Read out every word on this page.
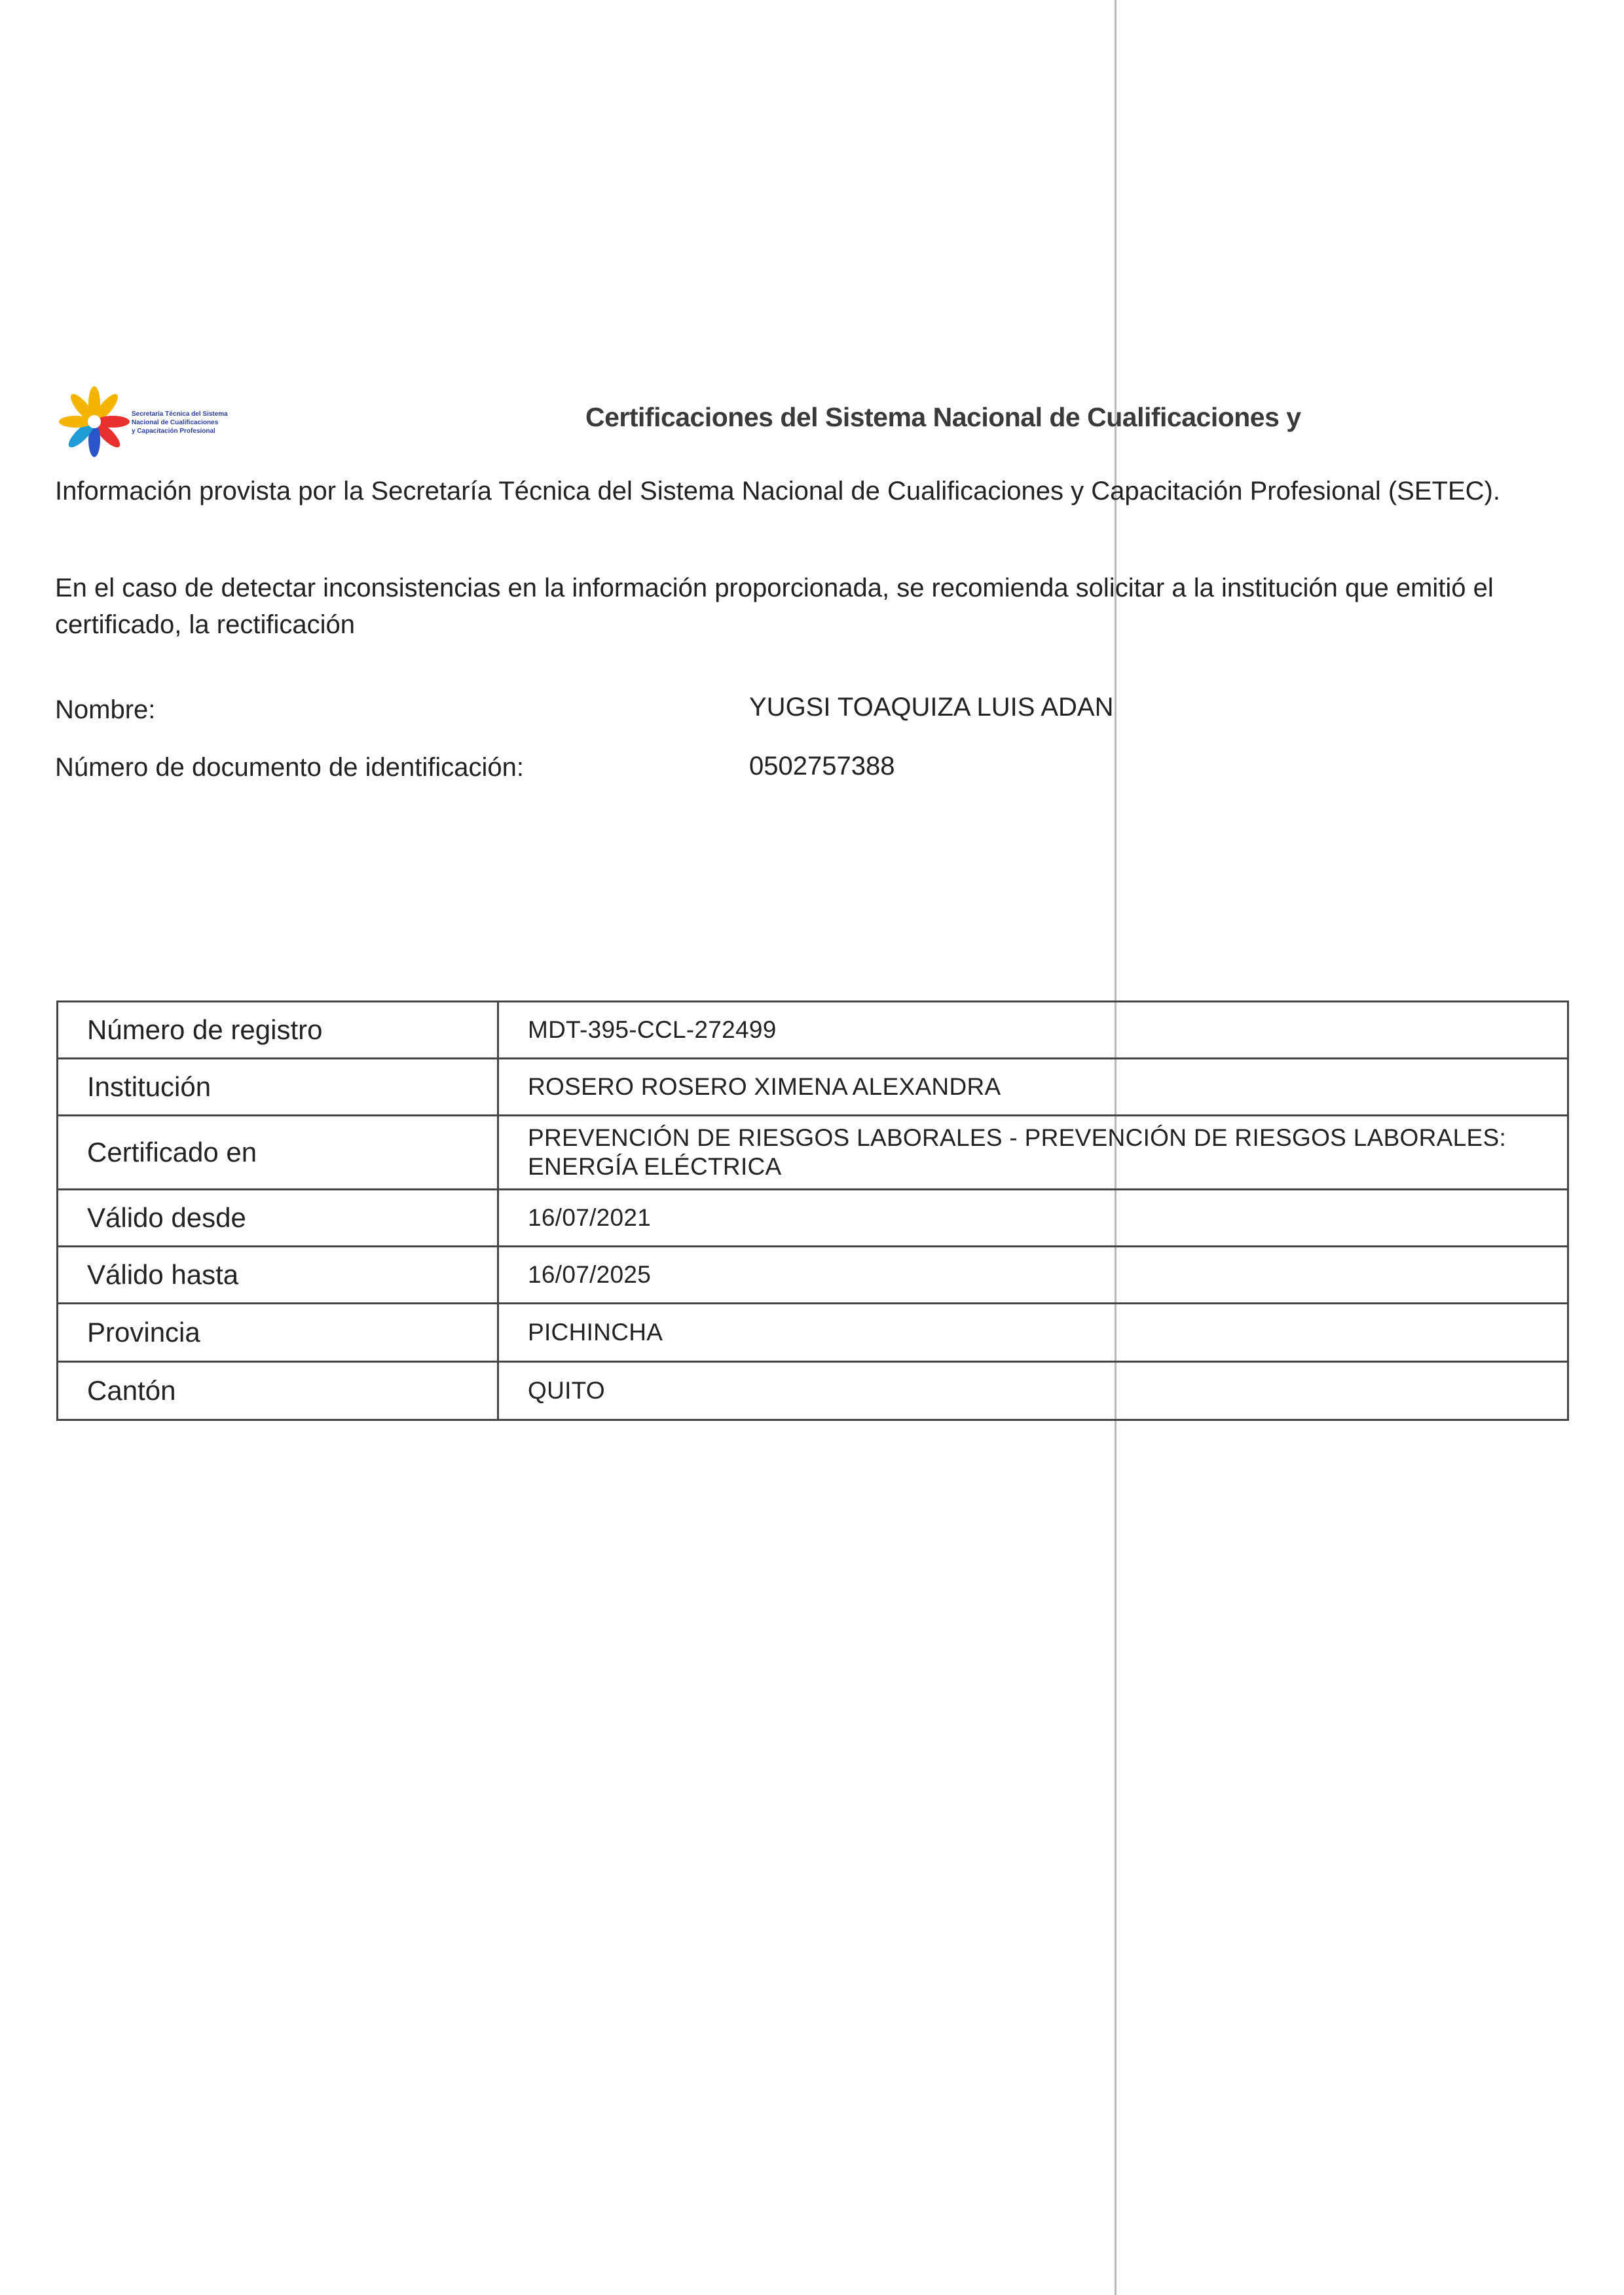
Secretaría Técnica del Sistema
Nacional de Cualificaciones
y Capacitación Profesional	Certificaciones del Sistema Nacional de Cualificaciones y
Información provista por la Secretaría Técnica del Sistema Nacional de Cualificaciones y Capacitación Profesional (SETEC).
En el caso de detectar inconsistencias en la información proporcionada, se recomienda solicitar a la institución que emitió el certificado, la rectificación
Nombre:	YUGSI TOAQUIZA LUIS ADAN
Número de documento de identificación:	0502757388
Número de registro	MDT-395-CCL-272499
Institución	ROSERO ROSERO XIMENA ALEXANDRA
Certificado en	PREVENCIÓN DE RIESGOS LABORALES - PREVENCIÓN DE RIESGOS LABORALES: ENERGÍA ELÉCTRICA
Válido desde	16/07/2021
Válido hasta	16/07/2025
Provincia	PICHINCHA
Cantón	QUITO
